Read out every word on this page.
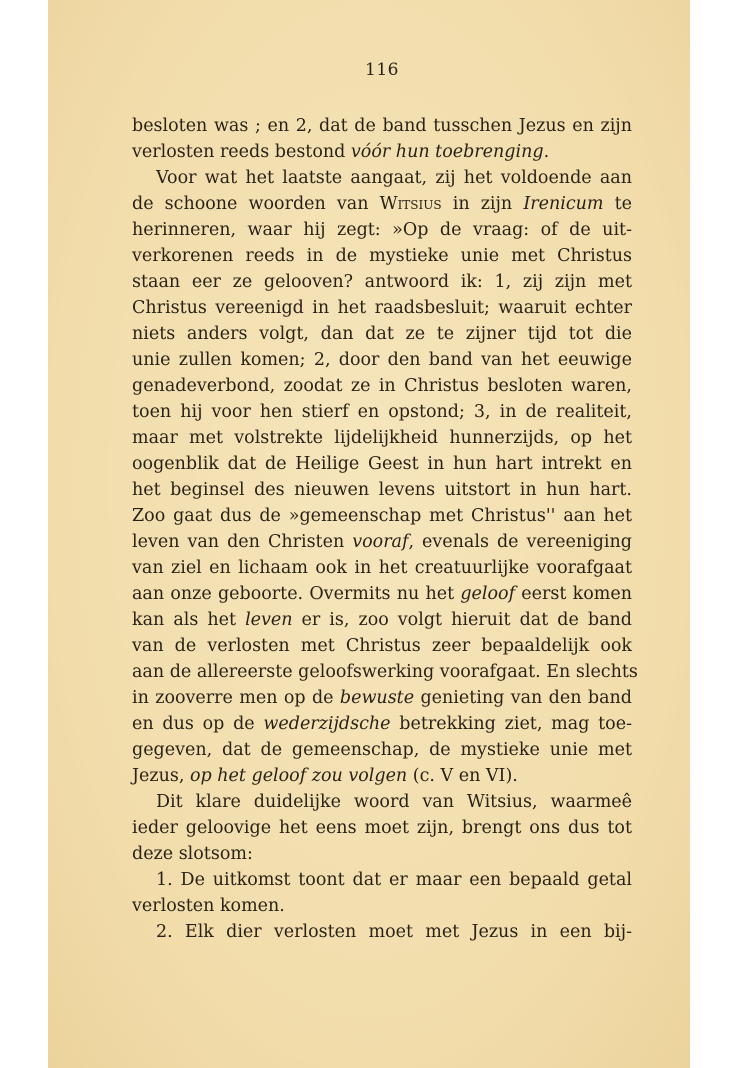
116

besloten was ; en 2, dat de band tusschen Jezus en zijn
verlosten reeds bestond vóór hun toebrenging.
Voor wat het laatste aangaat, zij het voldoende aan
de schoone woorden van Witsius in zijn Irenicum te
herinneren, waar hij zegt: »Op de vraag: of de uit-
verkorenen reeds in de mystieke unie met Christus
staan eer ze gelooven? antwoord ik: 1, zij zijn met
Christus vereenigd in het raadsbesluit; waaruit echter
niets anders volgt, dan dat ze te zijner tijd tot die
unie zullen komen; 2, door den band van het eeuwige
genadeverbond, zoodat ze in Christus besloten waren,
toen hij voor hen stierf en opstond; 3, in de realiteit,
maar met volstrekte lijdelijkheid hunnerzijds, op het
oogenblik dat de Heilige Geest in hun hart intrekt en
het beginsel des nieuwen levens uitstort in hun hart.
Zoo gaat dus de »gemeenschap met Christus'' aan het
leven van den Christen vooraf, evenals de vereeniging
van ziel en lichaam ook in het creatuurlijke voorafgaat
aan onze geboorte. Overmits nu het geloof eerst komen
kan als het leven er is, zoo volgt hieruit dat de band
van de verlosten met Christus zeer bepaaldelijk ook
aan de allereerste geloofswerking voorafgaat. En slechts
in zooverre men op de bewuste genieting van den band
en dus op de wederzijdsche betrekking ziet, mag toe-
gegeven, dat de gemeenschap, de mystieke unie met
Jezus, op het geloof zou volgen (c. V en VI).
Dit klare duidelijke woord van Witsius, waarmeê
ieder geloovige het eens moet zijn, brengt ons dus tot
deze slotsom:
1. De uitkomst toont dat er maar een bepaald getal
verlosten komen.
2. Elk dier verlosten moet met Jezus in een bij-
